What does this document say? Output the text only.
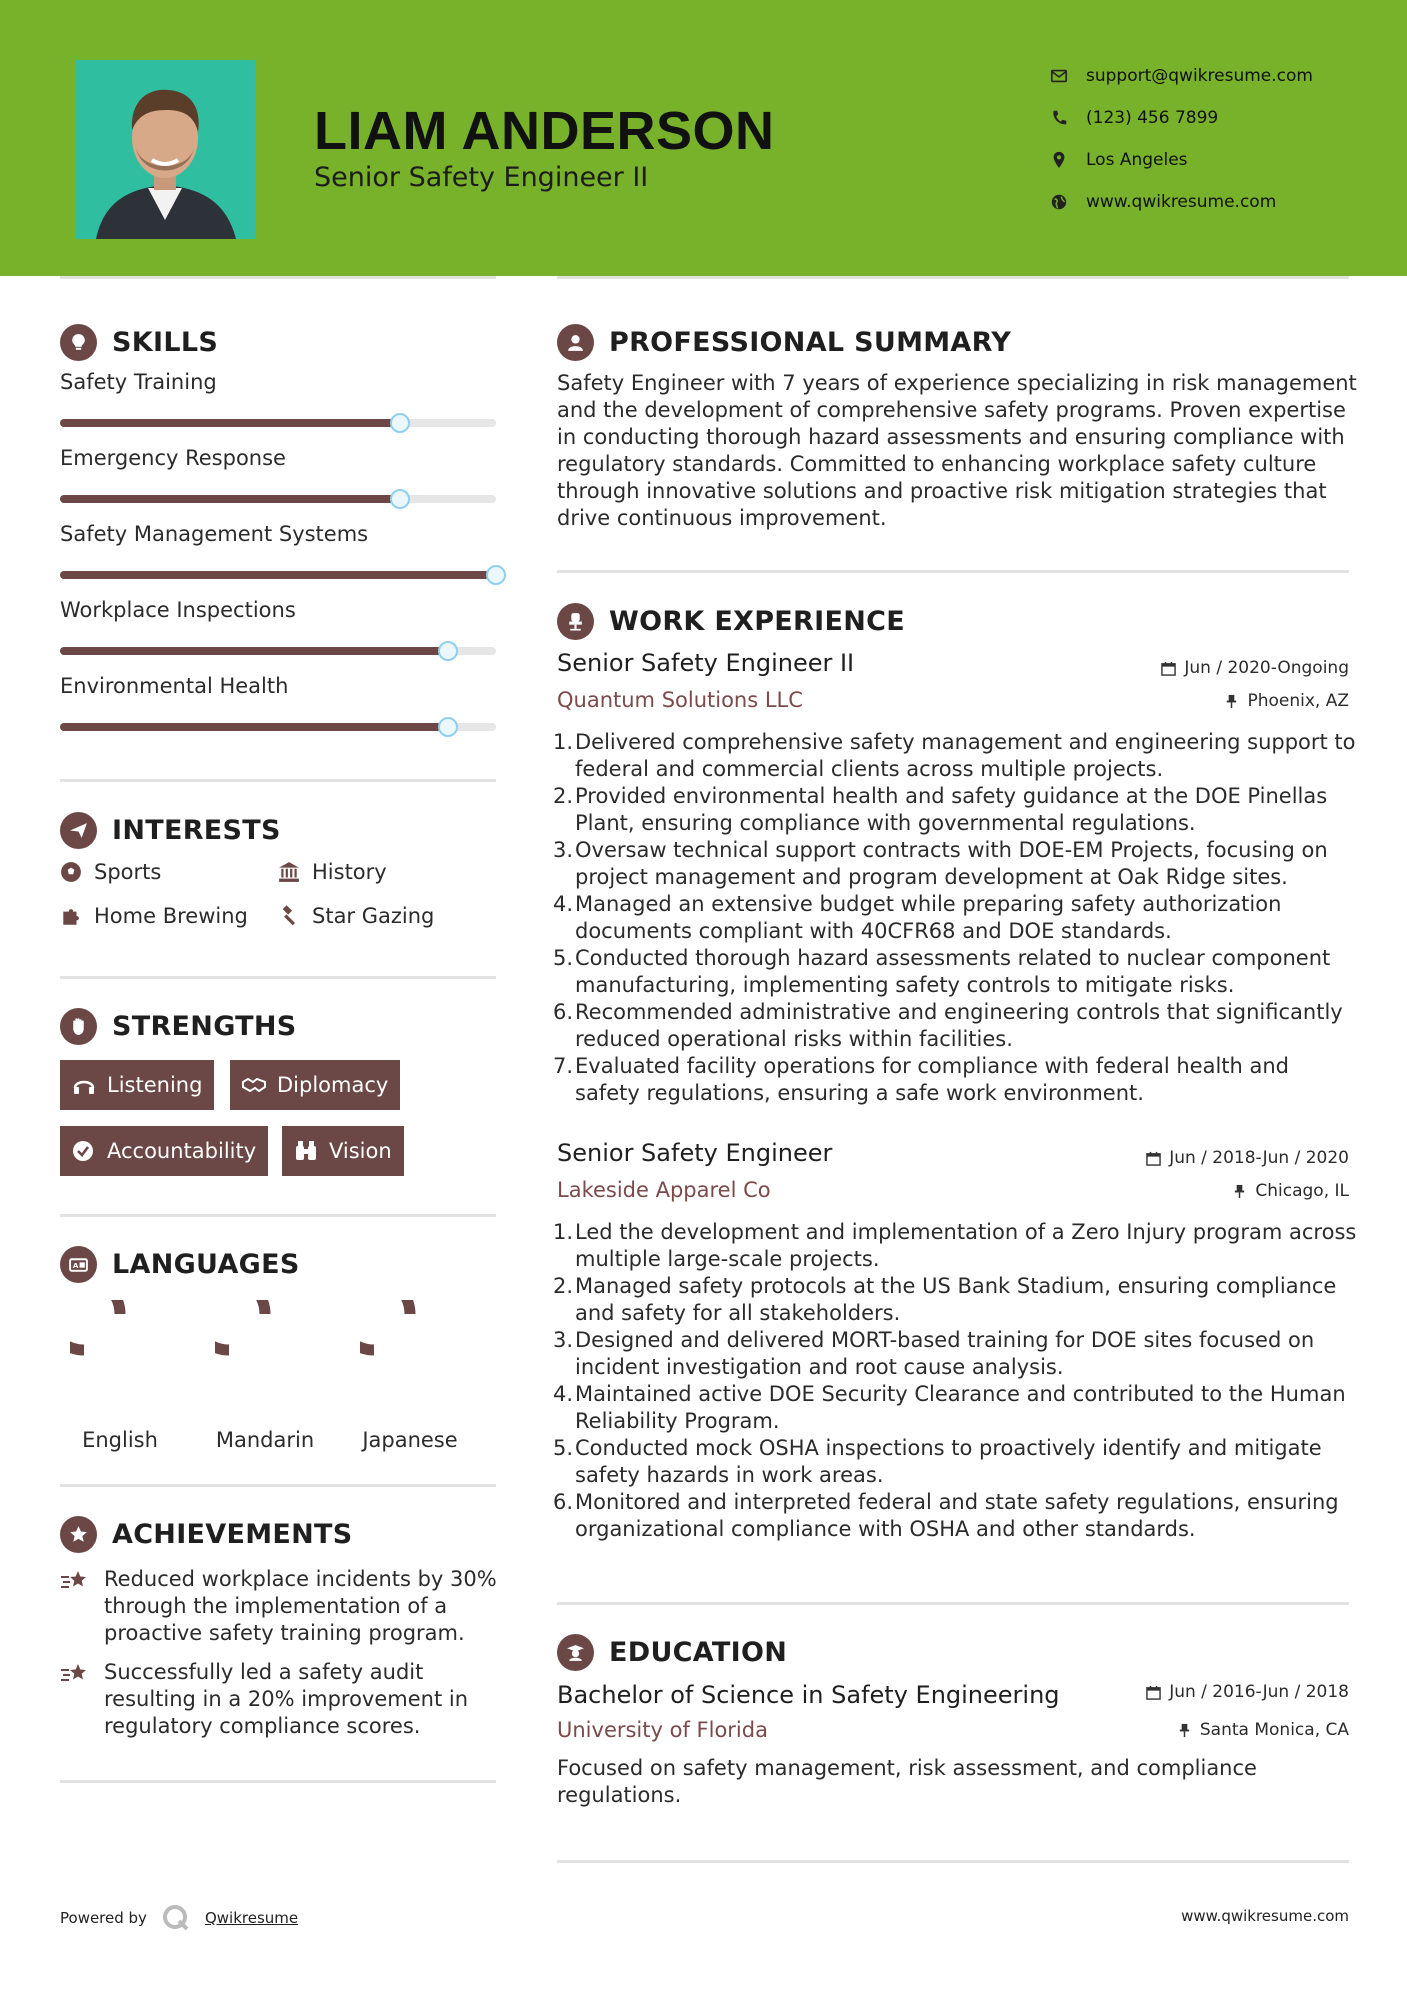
LIAM ANDERSON
Senior Safety Engineer II
support@qwikresume.com
(123) 456 7899
Los Angeles
www.qwikresume.com
SKILLS
Safety Training
Emergency Response
Safety Management Systems
Workplace Inspections
Environmental Health
INTERESTS
Sports	History
Home Brewing	Star Gazing
STRENGTHS
Listening	Diplomacy
Accountability	Vision
A LANGUAGES
English	Mandarin	Japanese
ACHIEVEMENTS
Reduced workplace incidents by 30% through the implementation of a proactive safety training program.
Successfully led a safety audit resulting in a 20% improvement in regulatory compliance scores.
PROFESSIONAL SUMMARY
Safety Engineer with 7 years of experience specializing in risk management and the development of comprehensive safety programs. Proven expertise in conducting thorough hazard assessments and ensuring compliance with regulatory standards. Committed to enhancing workplace safety culture through innovative solutions and proactive risk mitigation strategies that drive continuous improvement.
WORK EXPERIENCE
Senior Safety Engineer II	Jun / 2020-Ongoing
Quantum Solutions LLC	Phoenix, AZ
1. Delivered comprehensive safety management and engineering support to federal and commercial clients across multiple projects.
2. Provided environmental health and safety guidance at the DOE Pinellas Plant, ensuring compliance with governmental regulations.
3. Oversaw technical support contracts with DOE-EM Projects, focusing on project management and program development at Oak Ridge sites.
4. Managed an extensive budget while preparing safety authorization documents compliant with 40CFR68 and DOE standards.
5. Conducted thorough hazard assessments related to nuclear component manufacturing, implementing safety controls to mitigate risks.
6. Recommended administrative and engineering controls that significantly reduced operational risks within facilities.
7. Evaluated facility operations for compliance with federal health and safety regulations, ensuring a safe work environment.
Senior Safety Engineer	Jun / 2018-Jun / 2020
Lakeside Apparel Co	Chicago, IL
1. Led the development and implementation of a Zero Injury program across multiple large-scale projects.
2. Managed safety protocols at the US Bank Stadium, ensuring compliance and safety for all stakeholders.
3. Designed and delivered MORT-based training for DOE sites focused on incident investigation and root cause analysis.
4. Maintained active DOE Security Clearance and contributed to the Human Reliability Program.
5. Conducted mock OSHA inspections to proactively identify and mitigate safety hazards in work areas.
6. Monitored and interpreted federal and state safety regulations, ensuring organizational compliance with OSHA and other standards.
EDUCATION
Bachelor of Science in Safety Engineering	Jun / 2016-Jun / 2018
University of Florida	Santa Monica, CA
Focused on safety management, risk assessment, and compliance regulations.
Powered by	Qwikresume	www.qwikresume.com
